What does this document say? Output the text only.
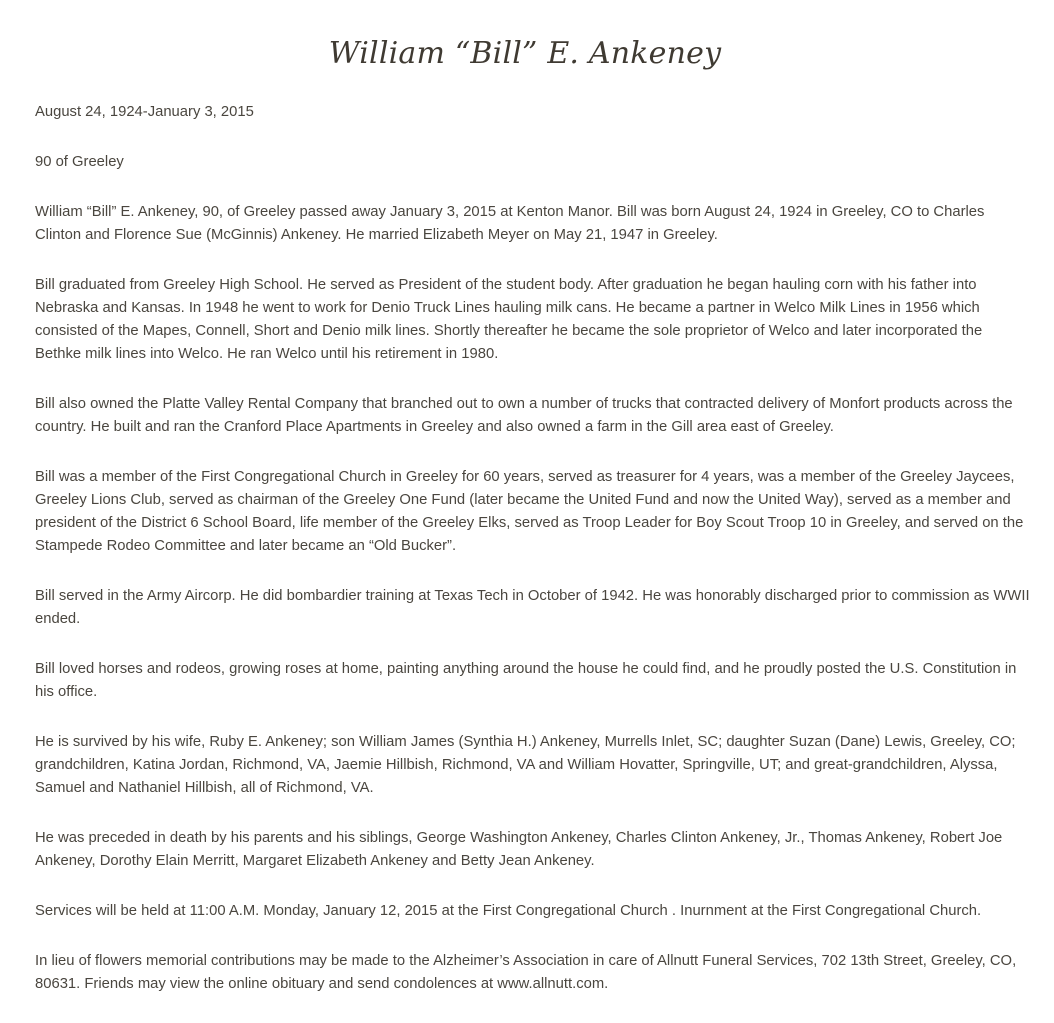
William “Bill” E. Ankeney

August 24, 1924-January 3, 2015

90 of Greeley

William “Bill” E. Ankeney, 90, of Greeley passed away January 3, 2015 at Kenton Manor. Bill was born August 24, 1924 in Greeley, CO to Charles Clinton and Florence Sue (McGinnis) Ankeney. He married Elizabeth Meyer on May 21, 1947 in Greeley.

Bill graduated from Greeley High School. He served as President of the student body. After graduation he began hauling corn with his father into Nebraska and Kansas. In 1948 he went to work for Denio Truck Lines hauling milk cans. He became a partner in Welco Milk Lines in 1956 which consisted of the Mapes, Connell, Short and Denio milk lines. Shortly thereafter he became the sole proprietor of Welco and later incorporated the Bethke milk lines into Welco. He ran Welco until his retirement in 1980.

Bill also owned the Platte Valley Rental Company that branched out to own a number of trucks that contracted delivery of Monfort products across the country. He built and ran the Cranford Place Apartments in Greeley and also owned a farm in the Gill area east of Greeley.

Bill was a member of the First Congregational Church in Greeley for 60 years, served as treasurer for 4 years, was a member of the Greeley Jaycees, Greeley Lions Club, served as chairman of the Greeley One Fund (later became the United Fund and now the United Way), served as a member and president of the District 6 School Board, life member of the Greeley Elks, served as Troop Leader for Boy Scout Troop 10 in Greeley, and served on the Stampede Rodeo Committee and later became an “Old Bucker”.

Bill served in the Army Aircorp. He did bombardier training at Texas Tech in October of 1942. He was honorably discharged prior to commission as WWII ended.

Bill loved horses and rodeos, growing roses at home, painting anything around the house he could find, and he proudly posted the U.S. Constitution in his office.

He is survived by his wife, Ruby E. Ankeney; son William James (Synthia H.) Ankeney, Murrells Inlet, SC; daughter Suzan (Dane) Lewis, Greeley, CO; grandchildren, Katina Jordan, Richmond, VA, Jaemie Hillbish, Richmond, VA and William Hovatter, Springville, UT; and great-grandchildren, Alyssa, Samuel and Nathaniel Hillbish, all of Richmond, VA.

He was preceded in death by his parents and his siblings, George Washington Ankeney, Charles Clinton Ankeney, Jr., Thomas Ankeney, Robert Joe Ankeney, Dorothy Elain Merritt, Margaret Elizabeth Ankeney and Betty Jean Ankeney.

Services will be held at 11:00 A.M. Monday, January 12, 2015 at the First Congregational Church . Inurnment at the First Congregational Church.

In lieu of flowers memorial contributions may be made to the Alzheimer’s Association in care of Allnutt Funeral Services, 702 13th Street, Greeley, CO, 80631. Friends may view the online obituary and send condolences at www.allnutt.com.
